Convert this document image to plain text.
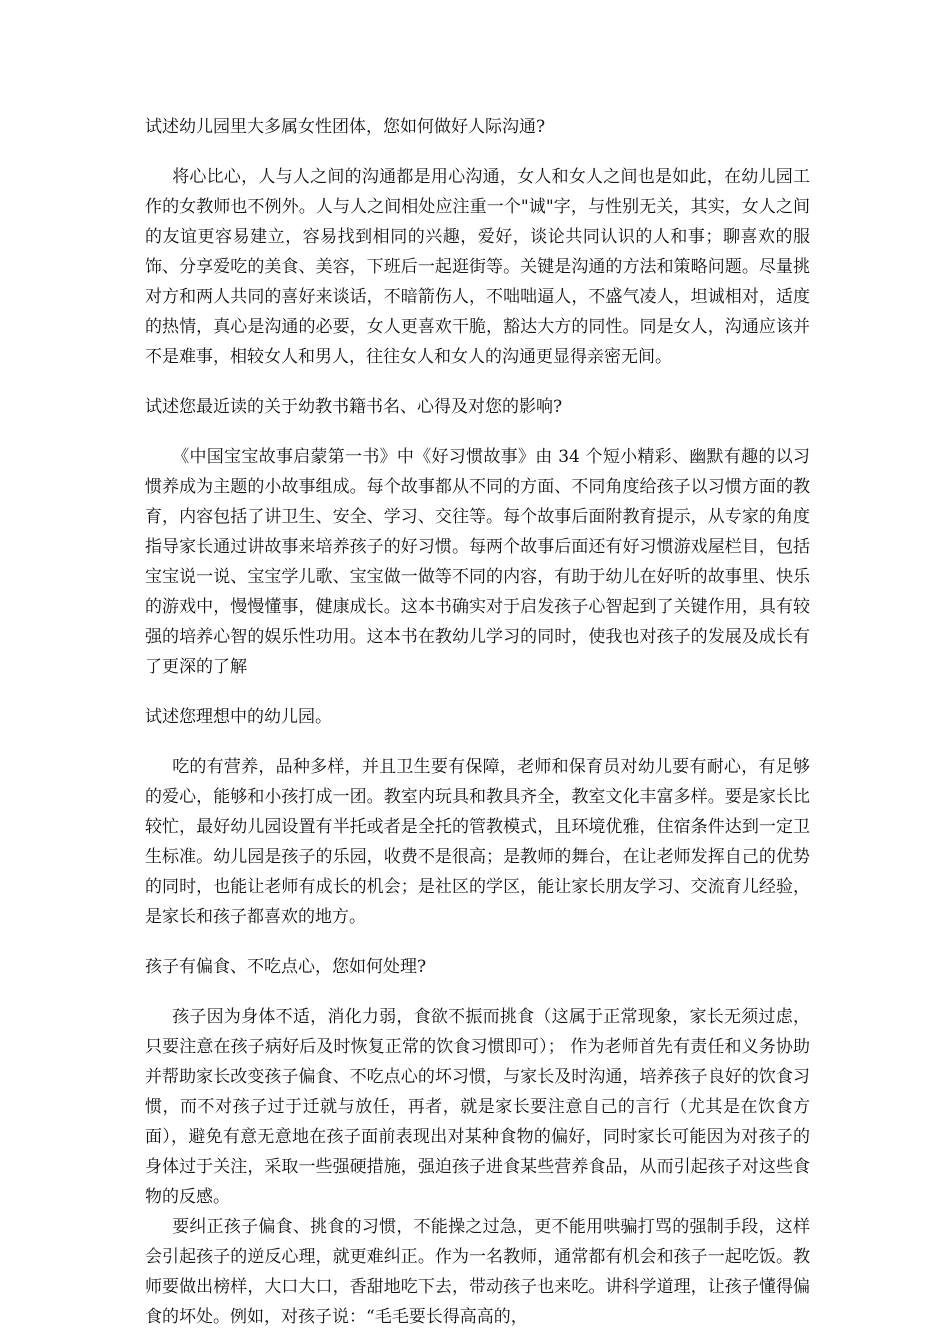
试述幼儿园里大多属女性团体，您如何做好人际沟通?

将心比心，人与人之间的沟通都是用心沟通，女人和女人之间也是如此，在幼儿园工作的女教师也不例外。人与人之间相处应注重一个"诚"字，与性别无关，其实，女人之间的友谊更容易建立，容易找到相同的兴趣，爱好，谈论共同认识的人和事；聊喜欢的服饰、分享爱吃的美食、美容，下班后一起逛街等。关键是沟通的方法和策略问题。尽量挑对方和两人共同的喜好来谈话，不暗箭伤人，不咄咄逼人，不盛气凌人，坦诚相对，适度的热情，真心是沟通的必要，女人更喜欢干脆，豁达大方的同性。同是女人，沟通应该并不是难事，相较女人和男人，往往女人和女人的沟通更显得亲密无间。

试述您最近读的关于幼教书籍书名、心得及对您的影响?

《中国宝宝故事启蒙第一书》中《好习惯故事》由 34 个短小精彩、幽默有趣的以习惯养成为主题的小故事组成。每个故事都从不同的方面、不同角度给孩子以习惯方面的教育，内容包括了讲卫生、安全、学习、交往等。每个故事后面附教育提示，从专家的角度指导家长通过讲故事来培养孩子的好习惯。每两个故事后面还有好习惯游戏屋栏目，包括宝宝说一说、宝宝学儿歌、宝宝做一做等不同的内容，有助于幼儿在好听的故事里、快乐的游戏中，慢慢懂事，健康成长。这本书确实对于启发孩子心智起到了关键作用，具有较强的培养心智的娱乐性功用。这本书在教幼儿学习的同时，使我也对孩子的发展及成长有了更深的了解

试述您理想中的幼儿园。

吃的有营养，品种多样，并且卫生要有保障，老师和保育员对幼儿要有耐心，有足够的爱心，能够和小孩打成一团。教室内玩具和教具齐全，教室文化丰富多样。要是家长比较忙，最好幼儿园设置有半托或者是全托的管教模式，且环境优雅，住宿条件达到一定卫生标准。幼儿园是孩子的乐园，收费不是很高；是教师的舞台，在让老师发挥自己的优势的同时，也能让老师有成长的机会；是社区的学区，能让家长朋友学习、交流育儿经验，是家长和孩子都喜欢的地方。

孩子有偏食、不吃点心，您如何处理?

孩子因为身体不适，消化力弱，食欲不振而挑食（这属于正常现象，家长无须过虑，只要注意在孩子病好后及时恢复正常的饮食习惯即可）； 作为老师首先有责任和义务协助并帮助家长改变孩子偏食、不吃点心的坏习惯，与家长及时沟通，培养孩子良好的饮食习惯，而不对孩子过于迁就与放任，再者，就是家长要注意自己的言行（尤其是在饮食方面），避免有意无意地在孩子面前表现出对某种食物的偏好，同时家长可能因为对孩子的身体过于关注，采取一些强硬措施，强迫孩子进食某些营养食品，从而引起孩子对这些食物的反感。

要纠正孩子偏食、挑食的习惯，不能操之过急，更不能用哄骗打骂的强制手段，这样会引起孩子的逆反心理，就更难纠正。作为一名教师，通常都有机会和孩子一起吃饭。教师要做出榜样，大口大口，香甜地吃下去，带动孩子也来吃。讲科学道理，让孩子懂得偏食的坏处。例如，对孩子说：“毛毛要长得高高的，
